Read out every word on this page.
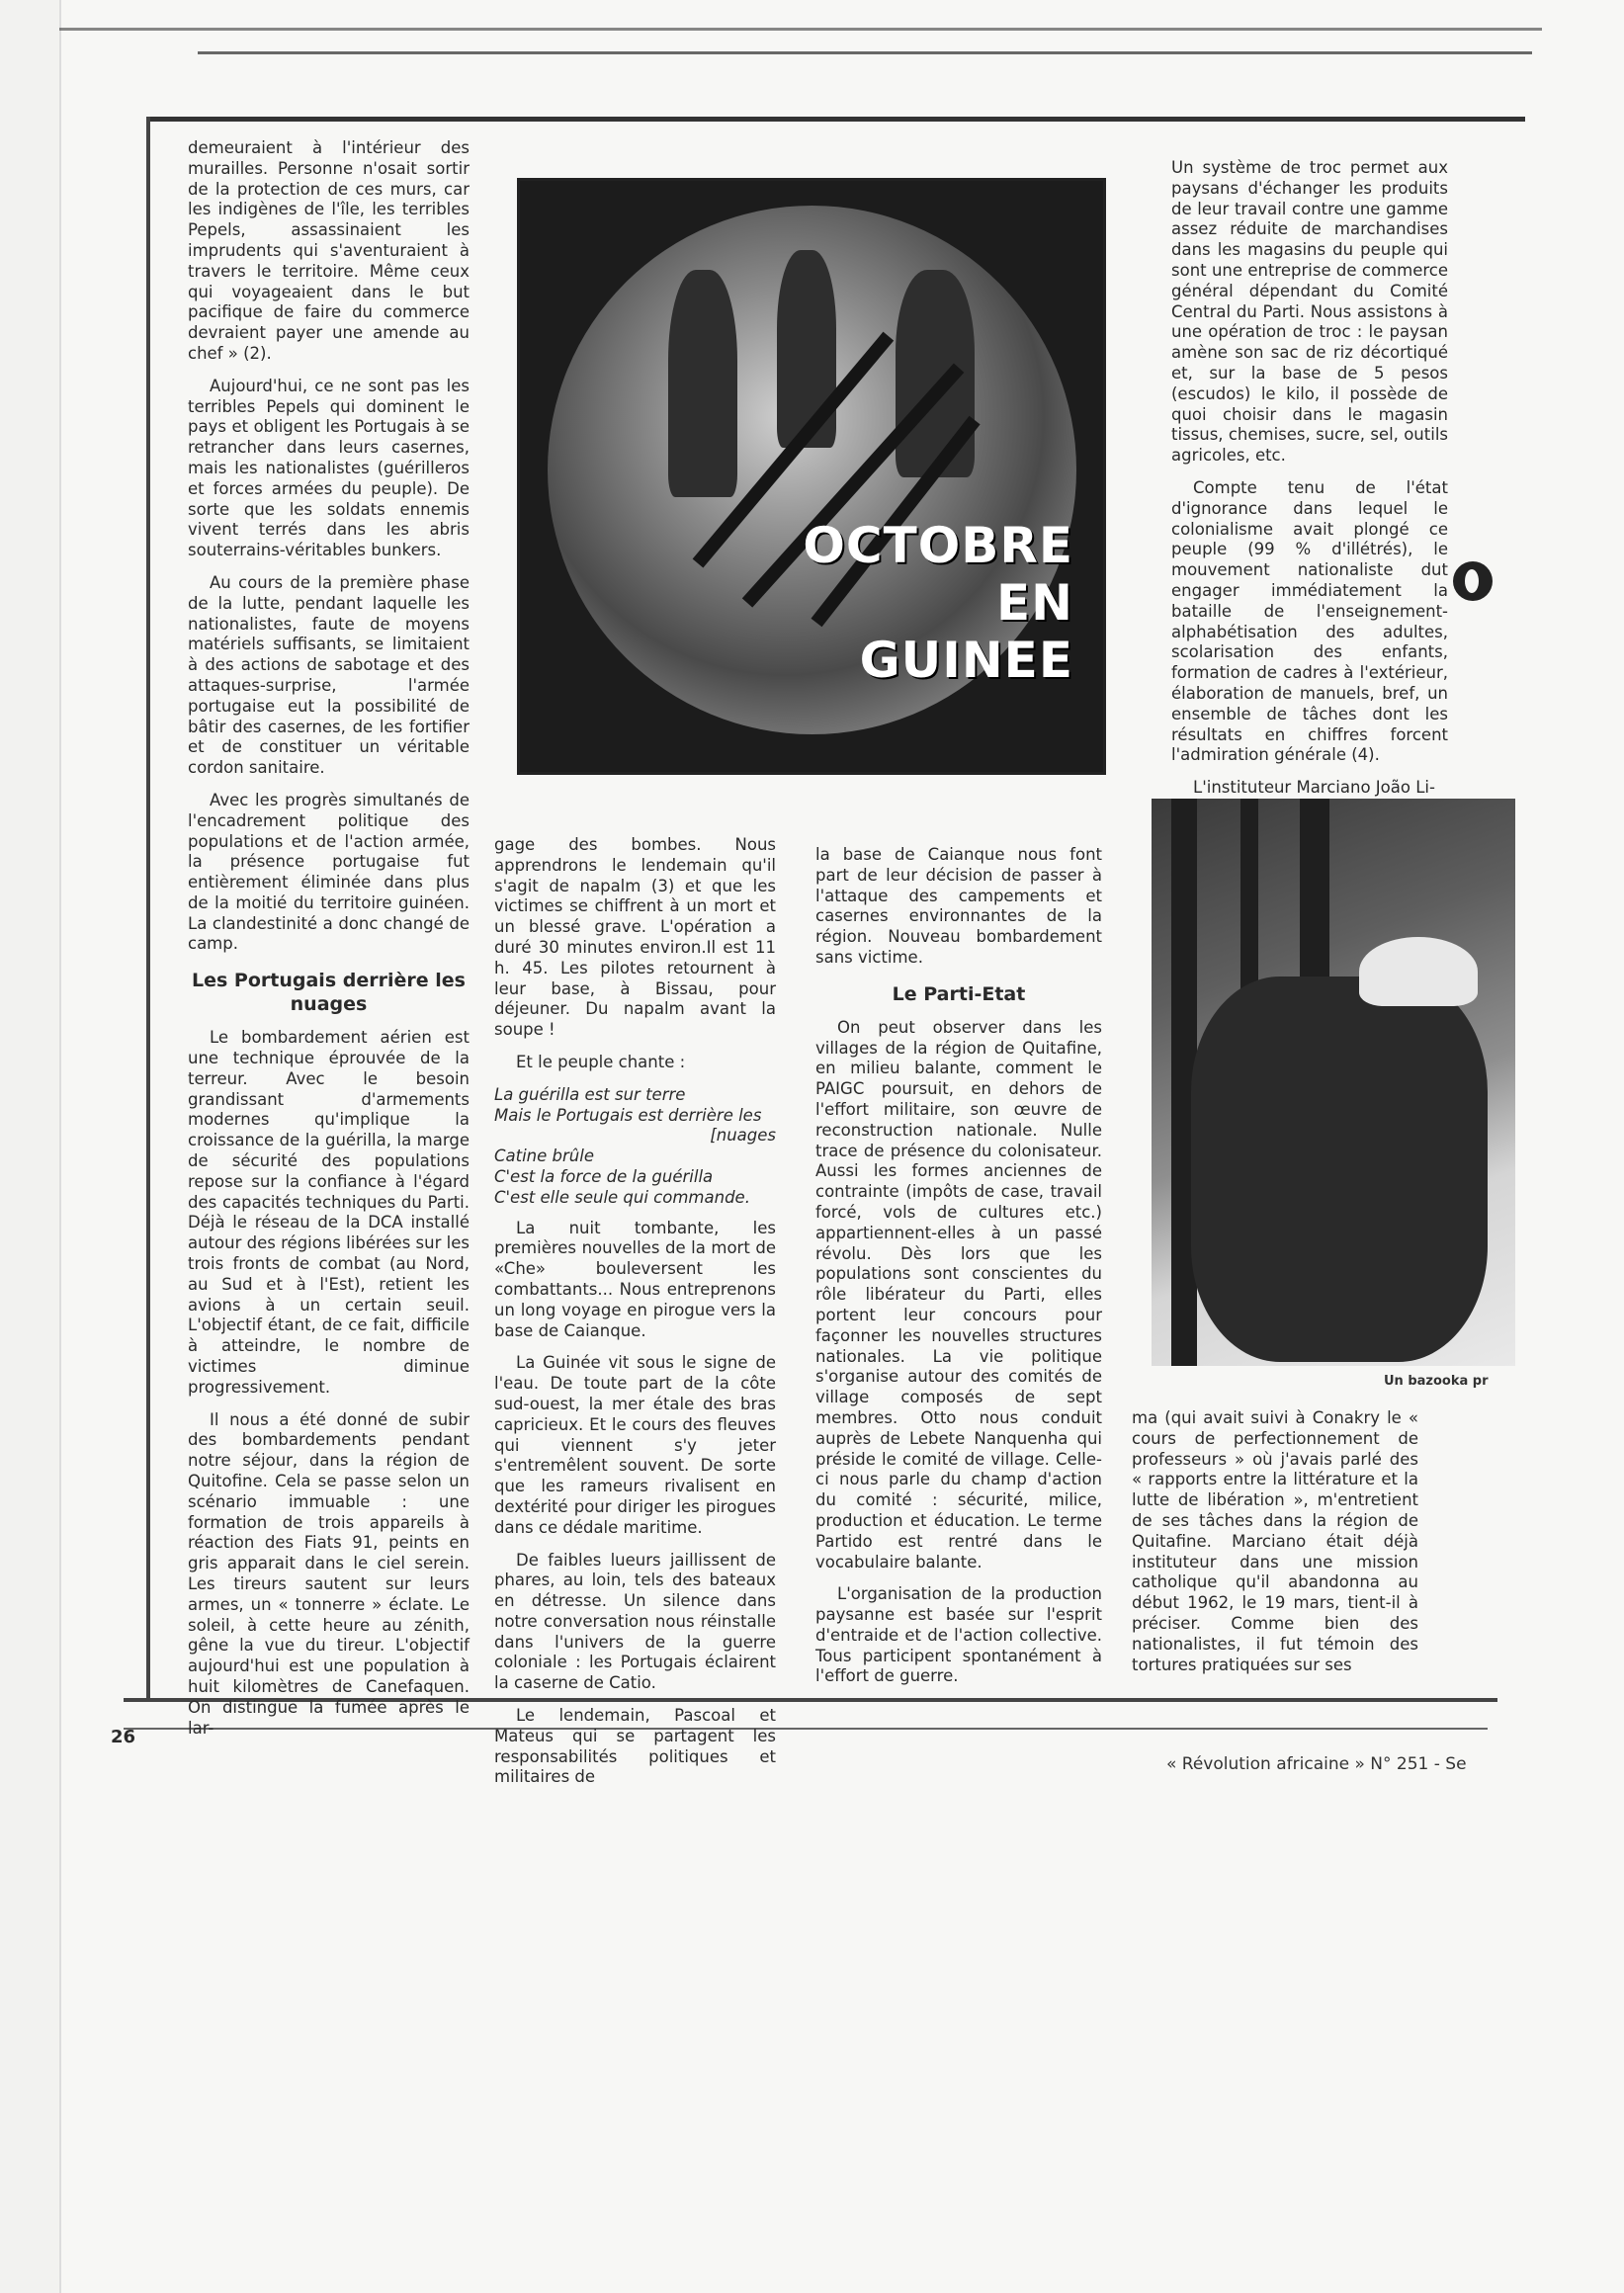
demeuraient à l'intérieur des murailles. Personne n'osait sortir de la protection de ces murs, car les indigènes de l'île, les terribles Pepels, assassinaient les imprudents qui s'aventuraient à travers le territoire. Même ceux qui voyageaient dans le but pacifique de faire du commerce devraient payer une amende au chef » (2).

Aujourd'hui, ce ne sont pas les terribles Pepels qui dominent le pays et obligent les Portugais à se retrancher dans leurs casernes, mais les nationalistes (guérilleros et forces armées du peuple). De sorte que les soldats ennemis vivent terrés dans les abris souterrains-véritables bunkers.

Au cours de la première phase de la lutte, pendant laquelle les nationalistes, faute de moyens matériels suffisants, se limitaient à des actions de sabotage et des attaques-surprise, l'armée portugaise eut la possibilité de bâtir des casernes, de les fortifier et de constituer un véritable cordon sanitaire.

Avec les progrès simultanés de l'encadrement politique des populations et de l'action armée, la présence portugaise fut entièrement éliminée dans plus de la moitié du territoire guinéen. La clandestinité a donc changé de camp.

Les Portugais derrière les nuages

Le bombardement aérien est une technique éprouvée de la terreur. Avec le besoin grandissant d'armements modernes qu'implique la croissance de la guérilla, la marge de sécurité des populations repose sur la confiance à l'égard des capacités techniques du Parti. Déjà le réseau de la DCA installé autour des régions libérées sur les trois fronts de combat (au Nord, au Sud et à l'Est), retient les avions à un certain seuil. L'objectif étant, de ce fait, difficile à atteindre, le nombre de victimes diminue progressivement.

Il nous a été donné de subir des bombardements pendant notre séjour, dans la région de Quitofine. Cela se passe selon un scénario immuable : une formation de trois appareils à réaction des Fiats 91, peints en gris apparait dans le ciel serein. Les tireurs sautent sur leurs armes, un « tonnerre » éclate. Le soleil, à cette heure au zénith, gêne la vue du tireur. L'objectif aujourd'hui est une population à huit kilomètres de Canefaquen. On distingue la fumée après le lar-

OCTOBRE
EN
GUINEE

gage des bombes. Nous apprendrons le lendemain qu'il s'agit de napalm (3) et que les victimes se chiffrent à un mort et un blessé grave. L'opération a duré 30 minutes environ.Il est 11 h. 45. Les pilotes retournent à leur base, à Bissau, pour déjeuner. Du napalm avant la soupe !

Et le peuple chante :

La guérilla est sur terre
Mais le Portugais est derrière les
[nuages
Catine brûle
C'est la force de la guérilla
C'est elle seule qui commande.

La nuit tombante, les premières nouvelles de la mort de «Che» bouleversent les combattants... Nous entreprenons un long voyage en pirogue vers la base de Caianque.

La Guinée vit sous le signe de l'eau. De toute part de la côte sud-ouest, la mer étale des bras capricieux. Et le cours des fleuves qui viennent s'y jeter s'entremêlent souvent. De sorte que les rameurs rivalisent en dextérité pour diriger les pirogues dans ce dédale maritime.

De faibles lueurs jaillissent de phares, au loin, tels des bateaux en détresse. Un silence dans notre conversation nous réinstalle dans l'univers de la guerre coloniale : les Portugais éclairent la caserne de Catio.

Le lendemain, Pascoal et Mateus qui se partagent les responsabilités politiques et militaires de

la base de Caianque nous font part de leur décision de passer à l'attaque des campements et casernes environnantes de la région. Nouveau bombardement sans victime.

Le Parti-Etat

On peut observer dans les villages de la région de Quitafine, en milieu balante, comment le PAIGC poursuit, en dehors de l'effort militaire, son œuvre de reconstruction nationale. Nulle trace de présence du colonisateur. Aussi les formes anciennes de contrainte (impôts de case, travail forcé, vols de cultures etc.) appartiennent-elles à un passé révolu. Dès lors que les populations sont conscientes du rôle libérateur du Parti, elles portent leur concours pour façonner les nouvelles structures nationales. La vie politique s'organise autour des comités de village composés de sept membres. Otto nous conduit auprès de Lebete Nanquenha qui préside le comité de village. Celle-ci nous parle du champ d'action du comité : sécurité, milice, production et éducation. Le terme Partido est rentré dans le vocabulaire balante.

L'organisation de la production paysanne est basée sur l'esprit d'entraide et de l'action collective. Tous participent spontanément à l'effort de guerre.

Un système de troc permet aux paysans d'échanger les produits de leur travail contre une gamme assez réduite de marchandises dans les magasins du peuple qui sont une entreprise de commerce général dépendant du Comité Central du Parti. Nous assistons à une opération de troc : le paysan amène son sac de riz décortiqué et, sur la base de 5 pesos (escudos) le kilo, il possède de quoi choisir dans le magasin tissus, chemises, sucre, sel, outils agricoles, etc.

Compte tenu de l'état d'ignorance dans lequel le colonialisme avait plongé ce peuple (99 % d'illétrés), le mouvement nationaliste dut engager immédiatement la bataille de l'enseignement-alphabétisation des adultes, scolarisation des enfants, formation de cadres à l'extérieur, élaboration de manuels, bref, un ensemble de tâches dont les résultats en chiffres forcent l'admiration générale (4).

L'instituteur Marciano João Li-

Un bazooka pr

ma (qui avait suivi à Conakry le « cours de perfectionnement de professeurs » où j'avais parlé des « rapports entre la littérature et la lutte de libération », m'entretient de ses tâches dans la région de Quitafine. Marciano était déjà instituteur dans une mission catholique qu'il abandonna au début 1962, le 19 mars, tient-il à préciser. Comme bien des nationalistes, il fut témoin des tortures pratiquées sur ses

26
« Révolution africaine » N° 251 - Se
